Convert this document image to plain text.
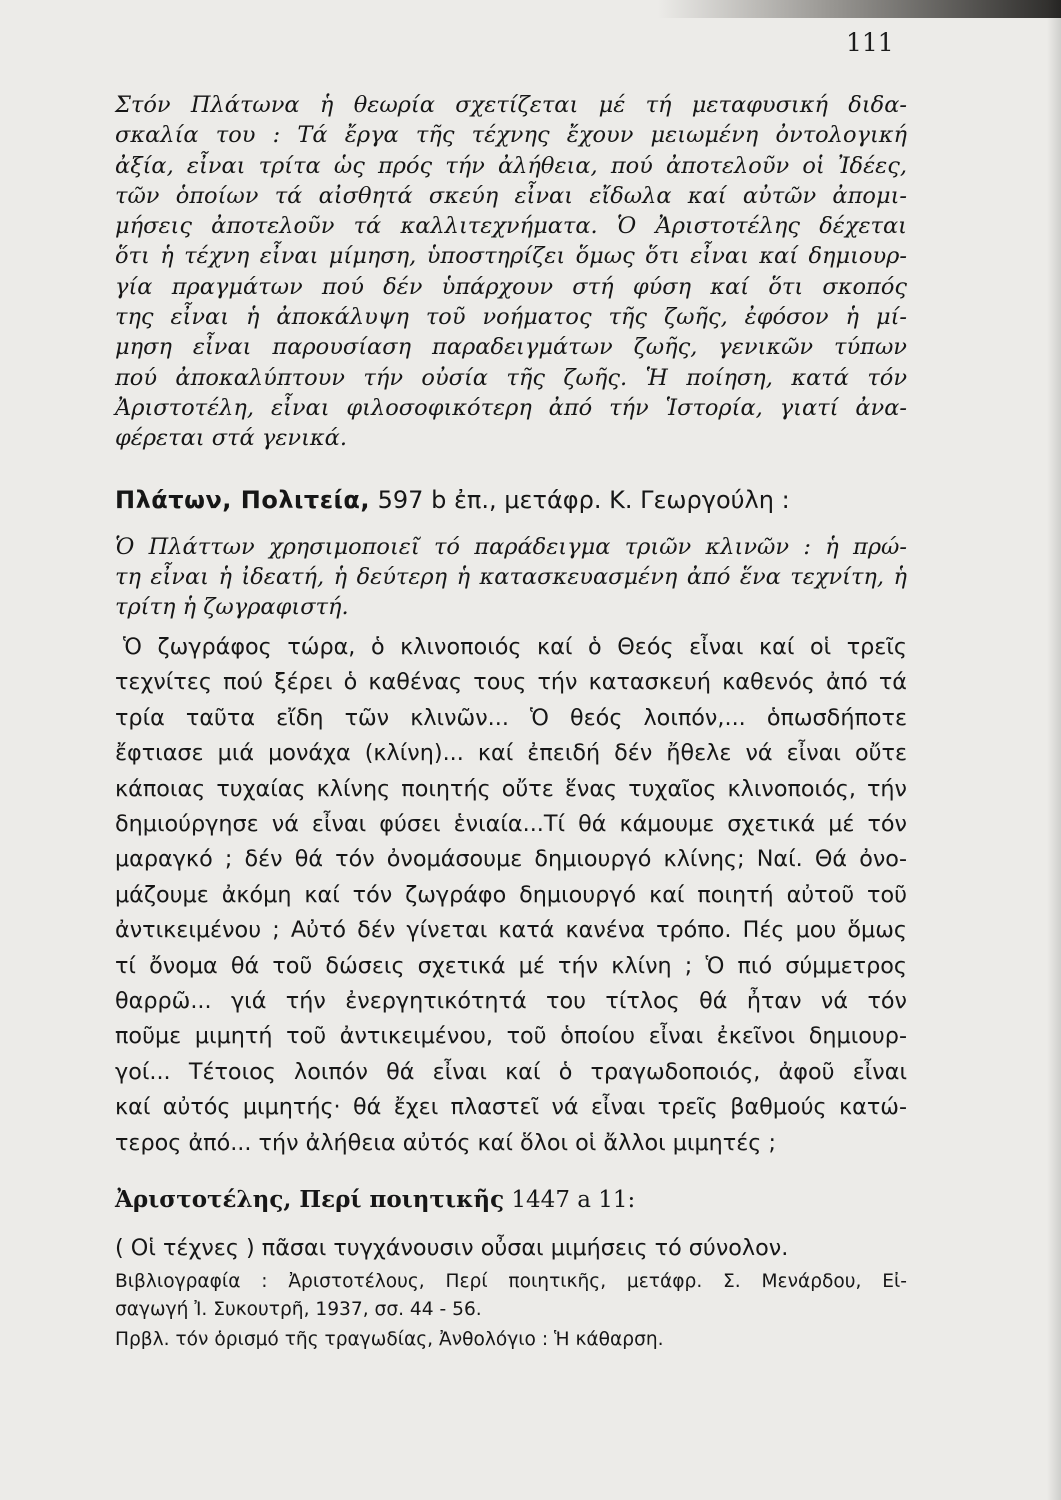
111
Στόν Πλάτωνα ἡ θεωρία σχετίζεται μέ τή μεταφυσική διδα-
σκαλία του : Τά ἔργα τῆς τέχνης ἔχουν μειωμένη ὀντολογική
ἀξία, εἶναι τρίτα ὡς πρός τήν ἀλήθεια, πού ἀποτελοῦν οἱ Ἰδέες,
τῶν ὁποίων τά αἰσθητά σκεύη εἶναι εἴδωλα καί αὐτῶν ἀπομι-
μήσεις ἀποτελοῦν τά καλλιτεχνήματα. Ὁ Ἀριστοτέλης δέχεται
ὅτι ἡ τέχνη εἶναι μίμηση, ὑποστηρίζει ὅμως ὅτι εἶναι καί δημιουρ-
γία πραγμάτων πού δέν ὑπάρχουν στή φύση καί ὅτι σκοπός
της εἶναι ἡ ἀποκάλυψη τοῦ νοήματος τῆς ζωῆς, ἐφόσον ἡ μί-
μηση εἶναι παρουσίαση παραδειγμάτων ζωῆς, γενικῶν τύπων
πού ἀποκαλύπτουν τήν οὐσία τῆς ζωῆς. Ἡ ποίηση, κατά τόν
Ἀριστοτέλη, εἶναι φιλοσοφικότερη ἀπό τήν Ἱστορία, γιατί ἀνα-
φέρεται στά γενικά.
Πλάτων, Πολιτεία, 597 b ἐπ., μετάφρ. Κ. Γεωργούλη :
Ὁ Πλάττων χρησιμοποιεῖ τό παράδειγμα τριῶν κλινῶν : ἡ πρώ-
τη εἶναι ἡ ἰδεατή, ἡ δεύτερη ἡ κατασκευασμένη ἀπό ἕνα τεχνίτη, ἡ
τρίτη ἡ ζωγραφιστή.
Ὁ ζωγράφος τώρα, ὁ κλινοποιός καί ὁ Θεός εἶναι καί οἱ τρεῖς
τεχνίτες πού ξέρει ὁ καθένας τους τήν κατασκευή καθενός ἀπό τά
τρία ταῦτα εἴδη τῶν κλινῶν... Ὁ θεός λοιπόν,... ὁπωσδήποτε
ἔφτιασε μιά μονάχα (κλίνη)... καί ἐπειδή δέν ἤθελε νά εἶναι οὔτε
κάποιας τυχαίας κλίνης ποιητής οὔτε ἕνας τυχαῖος κλινοποιός, τήν
δημιούργησε νά εἶναι φύσει ἑνιαία...Τί θά κάμουμε σχετικά μέ τόν
μαραγκό ; δέν θά τόν ὀνομάσουμε δημιουργό κλίνης; Ναί. Θά ὀνο-
μάζουμε ἀκόμη καί τόν ζωγράφο δημιουργό καί ποιητή αὐτοῦ τοῦ
ἀντικειμένου ; Αὐτό δέν γίνεται κατά κανένα τρόπο. Πές μου ὅμως
τί ὄνομα θά τοῦ δώσεις σχετικά μέ τήν κλίνη ; Ὁ πιό σύμμετρος
θαρρῶ... γιά τήν ἐνεργητικότητά του τίτλος θά ἦταν νά τόν
ποῦμε μιμητή τοῦ ἀντικειμένου, τοῦ ὁποίου εἶναι ἐκεῖνοι δημιουρ-
γοί... Τέτοιος λοιπόν θά εἶναι καί ὁ τραγωδοποιός, ἀφοῦ εἶναι
καί αὐτός μιμητής· θά ἔχει πλαστεῖ νά εἶναι τρεῖς βαθμούς κατώ-
τερος ἀπό... τήν ἀλήθεια αὐτός καί ὅλοι οἱ ἄλλοι μιμητές ;
Ἀριστοτέλης, Περί ποιητικῆς 1447 a 11:
( Οἱ τέχνες ) πᾶσαι τυγχάνουσιν οὖσαι μιμήσεις τό σύνολον.
Βιβλιογραφία : Ἀριστοτέλους, Περί ποιητικῆς, μετάφρ. Σ. Μενάρδου, Εἰ-
σαγωγή Ἰ. Συκουτρῆ, 1937, σσ. 44 - 56.
Πρβλ. τόν ὁρισμό τῆς τραγωδίας, Ἀνθολόγιο : Ἡ κάθαρση.
